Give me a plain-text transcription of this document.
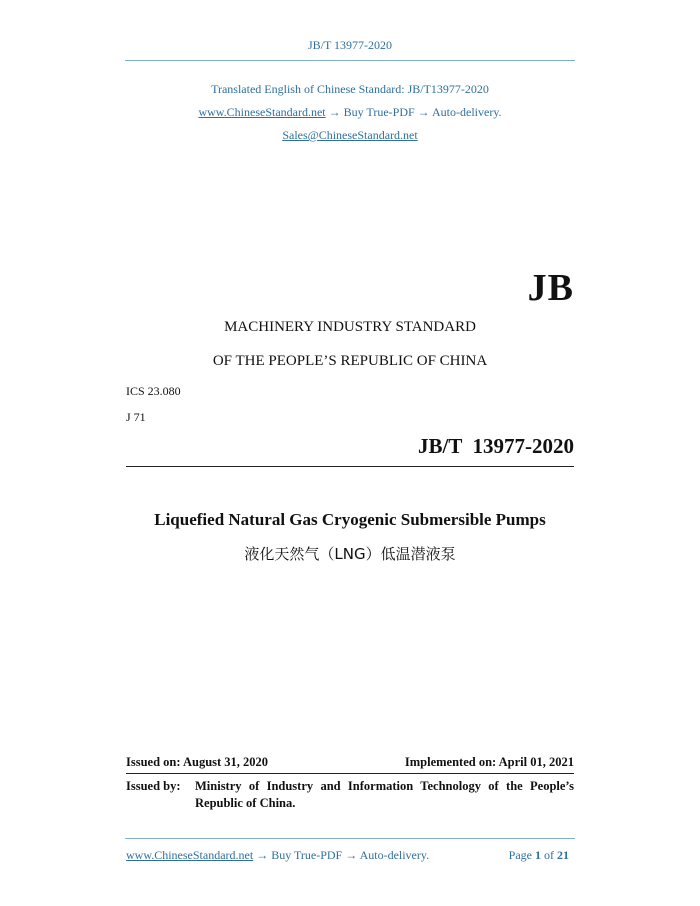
JB/T 13977-2020
Translated English of Chinese Standard: JB/T13977-2020
www.ChineseStandard.net → Buy True-PDF → Auto-delivery.
Sales@ChineseStandard.net
JB
MACHINERY INDUSTRY STANDARD
OF THE PEOPLE’S REPUBLIC OF CHINA
ICS 23.080
J 71
JB/T  13977-2020
Liquefied Natural Gas Cryogenic Submersible Pumps
液化天然气（LNG）低温潜液泵
Issued on: August 31, 2020	Implemented on: April 01, 2021
Issued by: Ministry of Industry and Information Technology of the People’s
Republic of China.
www.ChineseStandard.net → Buy True-PDF → Auto-delivery.	Page 1 of 21
